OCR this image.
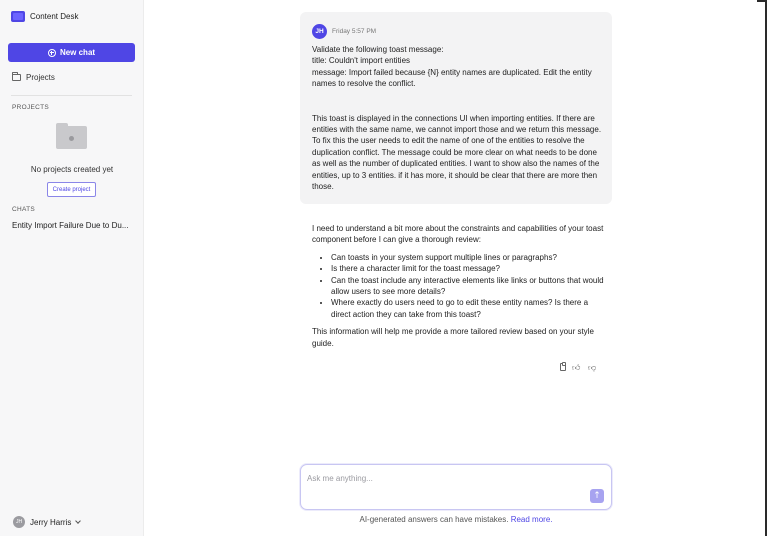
Content Desk
New chat
Projects
PROJECTS
No projects created yet
Create project
CHATS
Entity Import Failure Due to Du...
JH Jerry Harris
JH	Friday 5:57 PM

Validate the following toast message:

title: Couldn't import entities

message: Import failed because {N} entity names are duplicated. Edit the entity names to resolve the conflict.

This toast is displayed in the connections UI when importing entities. If there are entities with the same name, we cannot import those and we return this message. To fix this the user needs to edit the name of one of the entities to resolve the duplication conflict. The message could be more clear on what needs to be done as well as the number of duplicated entities. I want to show also the names of the entities, up to 3 entities. if it has more, it should be clear that there are more then those.

I need to understand a bit more about the constraints and capabilities of your toast component before I can give a thorough review:

• Can toasts in your system support multiple lines or paragraphs?
• Is there a character limit for the toast message?
• Can the toast include any interactive elements like links or buttons that would allow users to see more details?
• Where exactly do users need to go to edit these entity names? Is there a direct action they can take from this toast?

This information will help me provide a more tailored review based on your style guide.

👍︎ 👎︎
Ask me anything...
↑
AI-generated answers can have mistakes. Read more.
